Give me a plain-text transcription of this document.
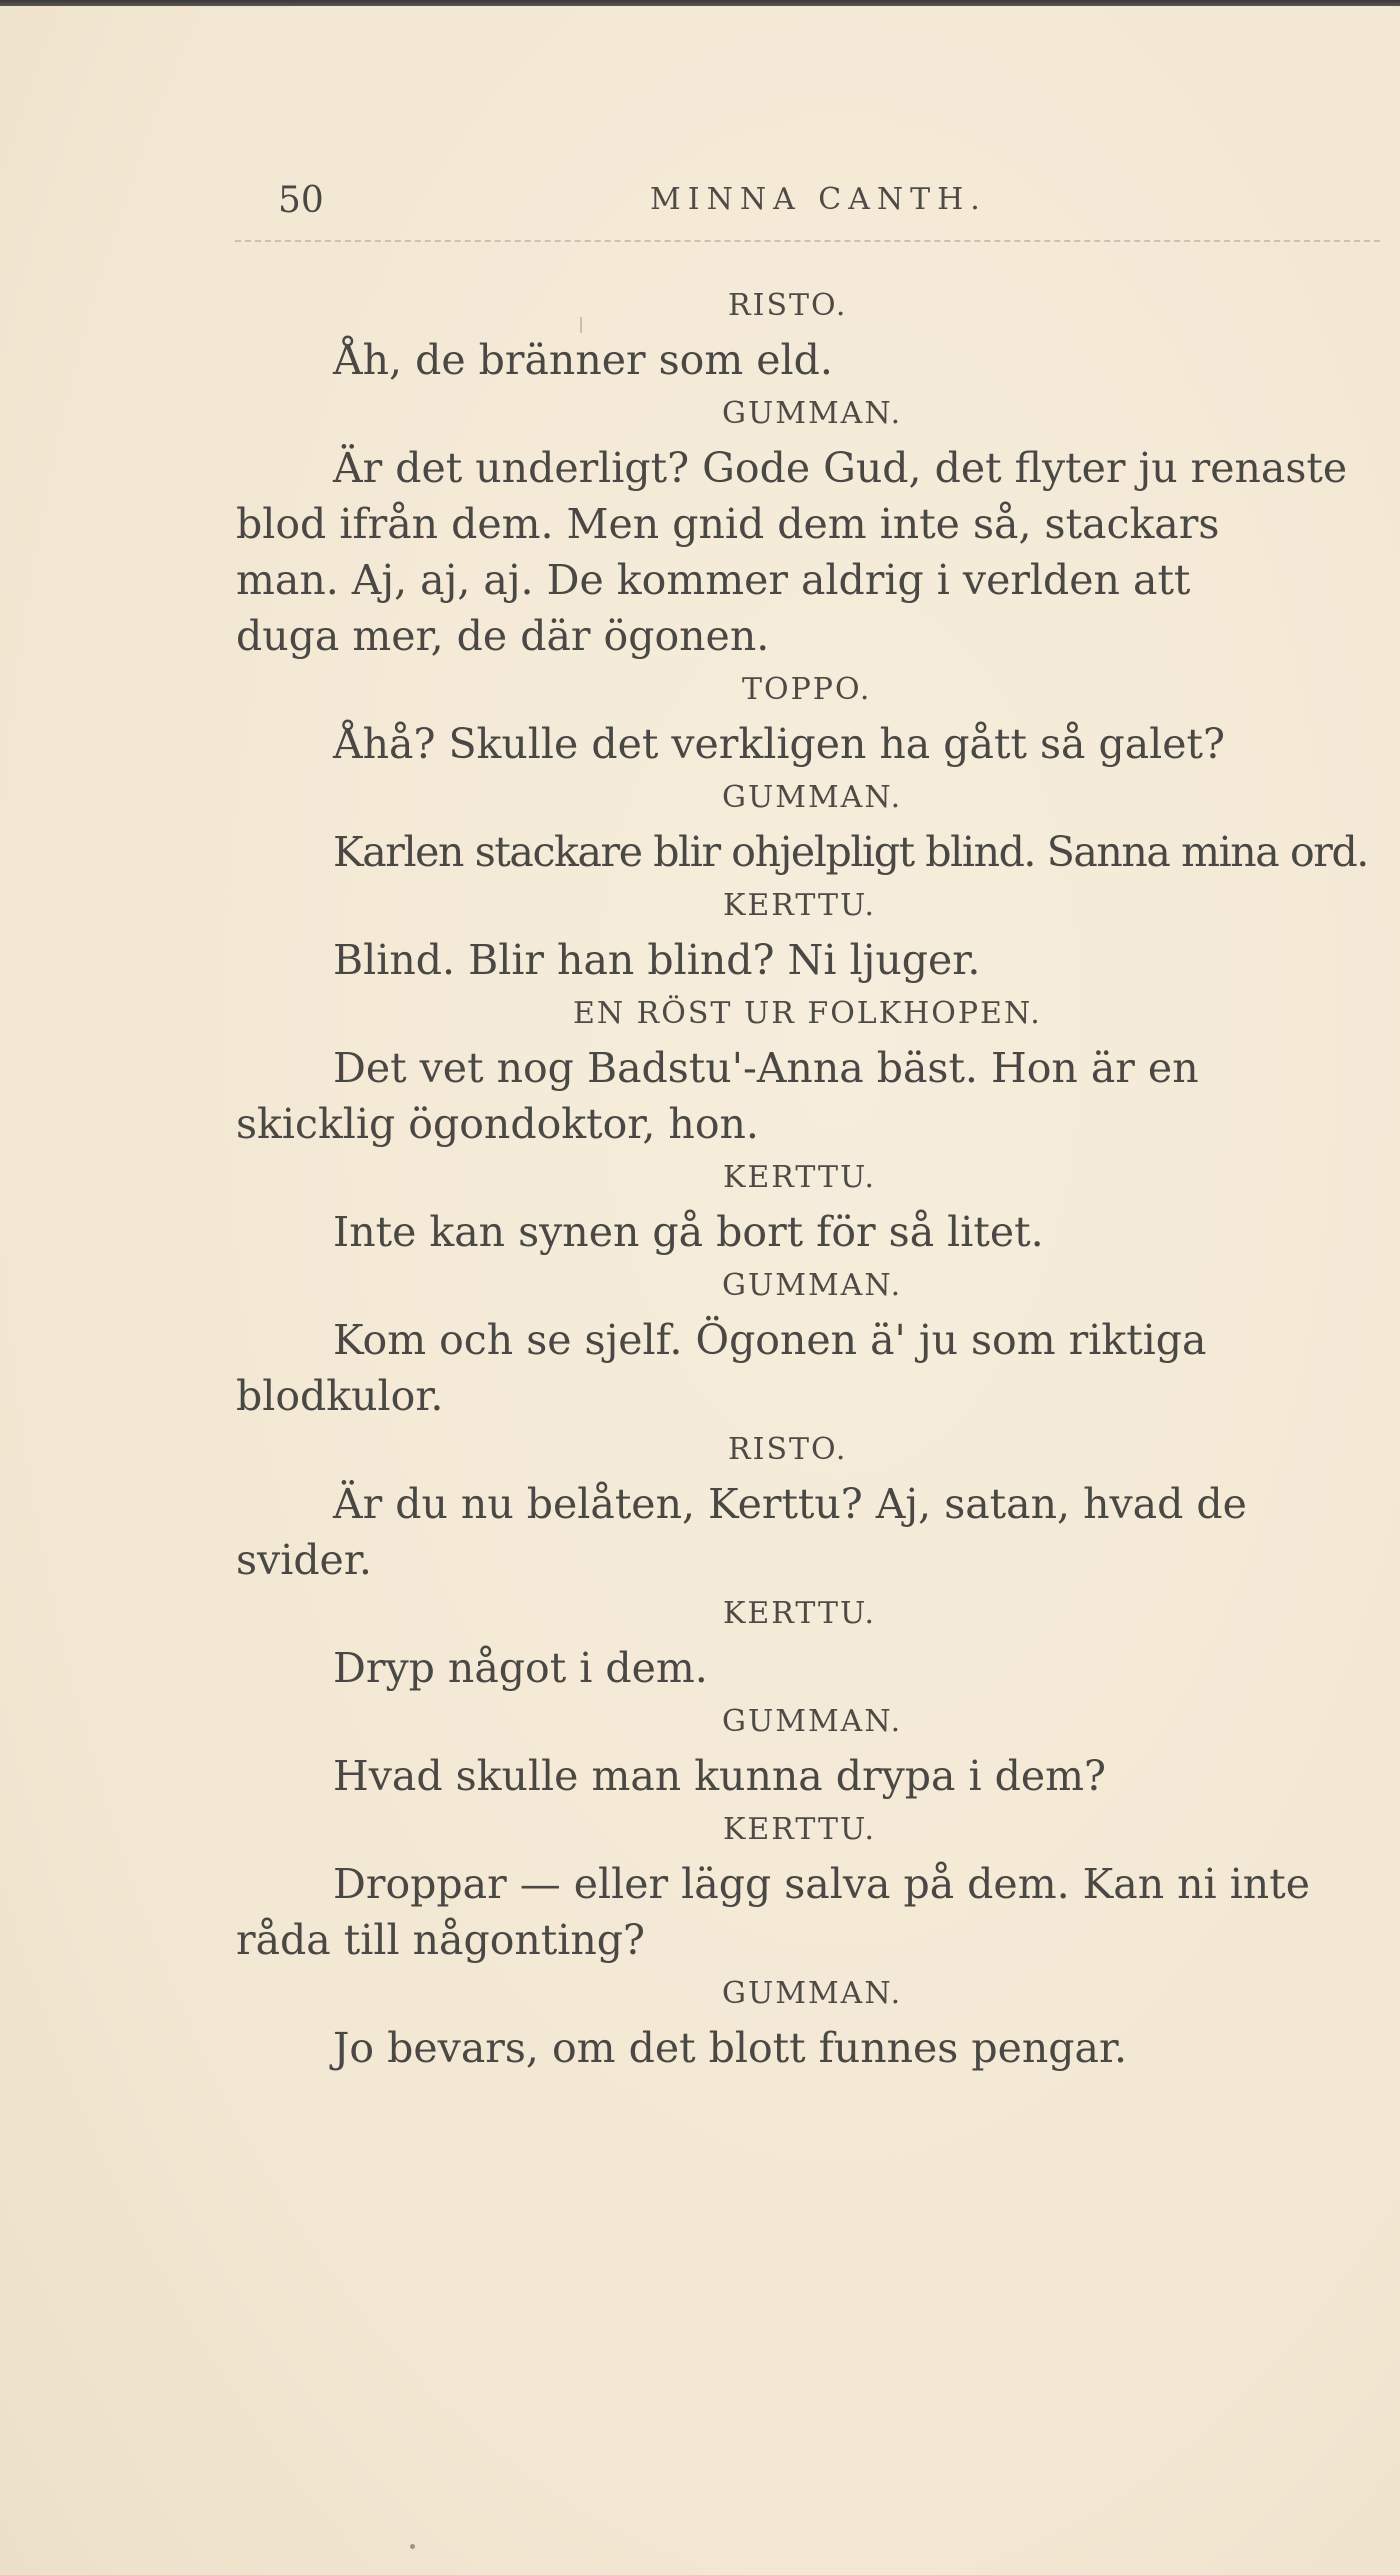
50	MINNA CANTH.
RISTO.
Åh, de bränner som eld.
GUMMAN.
Är det underligt? Gode Gud, det flyter ju renaste
blod ifrån dem. Men gnid dem inte så, stackars
man. Aj, aj, aj. De kommer aldrig i verlden att
duga mer, de där ögonen.
TOPPO.
Åhå? Skulle det verkligen ha gått så galet?
GUMMAN.
Karlen stackare blir ohjelpligt blind. Sanna mina ord.
KERTTU.
Blind. Blir han blind? Ni ljuger.
EN RÖST UR FOLKHOPEN.
Det vet nog Badstu'-Anna bäst. Hon är en
skicklig ögondoktor, hon.
KERTTU.
Inte kan synen gå bort för så litet.
GUMMAN.
Kom och se sjelf. Ögonen ä' ju som riktiga
blodkulor.
RISTO.
Är du nu belåten, Kerttu? Aj, satan, hvad de
svider.
KERTTU.
Dryp något i dem.
GUMMAN.
Hvad skulle man kunna drypa i dem?
KERTTU.
Droppar — eller lägg salva på dem. Kan ni inte
råda till någonting?
GUMMAN.
Jo bevars, om det blott funnes pengar.
